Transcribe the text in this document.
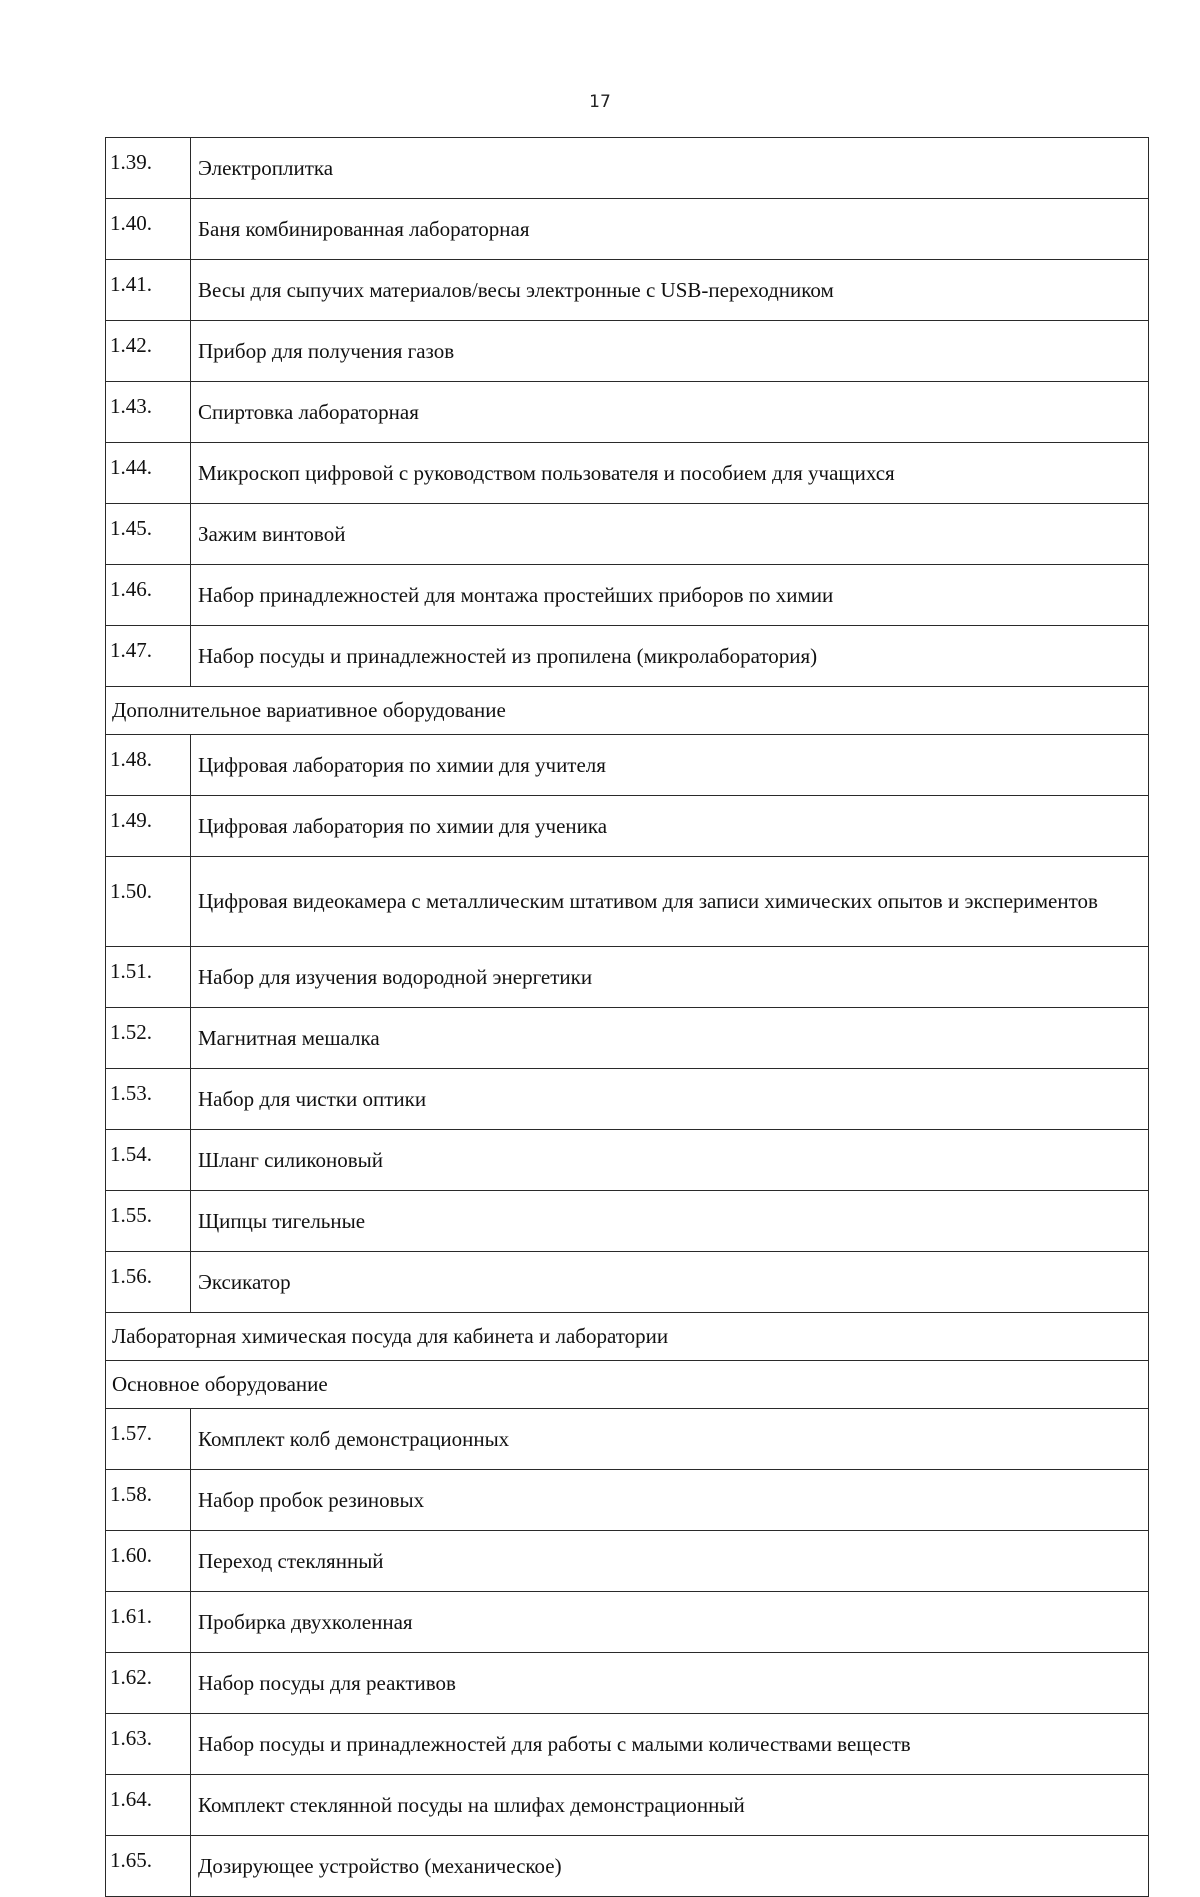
17
1.39.	Электроплитка
1.40.	Баня комбинированная лабораторная
1.41.	Весы для сыпучих материалов/весы электронные с USB-переходником
1.42.	Прибор для получения газов
1.43.	Спиртовка лабораторная
1.44.	Микроскоп цифровой с руководством пользователя и пособием для учащихся
1.45.	Зажим винтовой
1.46.	Набор принадлежностей для монтажа простейших приборов по химии
1.47.	Набор посуды и принадлежностей из пропилена (микролаборатория)
Дополнительное вариативное оборудование	
1.48.	Цифровая лаборатория по химии для учителя
1.49.	Цифровая лаборатория по химии для ученика
1.50.	Цифровая видеокамера с металлическим штативом для записи химических опытов и экспериментов
1.51.	Набор для изучения водородной энергетики
1.52.	Магнитная мешалка
1.53.	Набор для чистки оптики
1.54.	Шланг силиконовый
1.55.	Щипцы тигельные
1.56.	Эксикатор
Лабораторная химическая посуда для кабинета и лаборатории	
Основное оборудование	
1.57.	Комплект колб демонстрационных
1.58.	Набор пробок резиновых
1.60.	Переход стеклянный
1.61.	Пробирка двухколенная
1.62.	Набор посуды для реактивов
1.63.	Набор посуды и принадлежностей для работы с малыми количествами веществ
1.64.	Комплект стеклянной посуды на шлифах демонстрационный
1.65.	Дозирующее устройство (механическое)
